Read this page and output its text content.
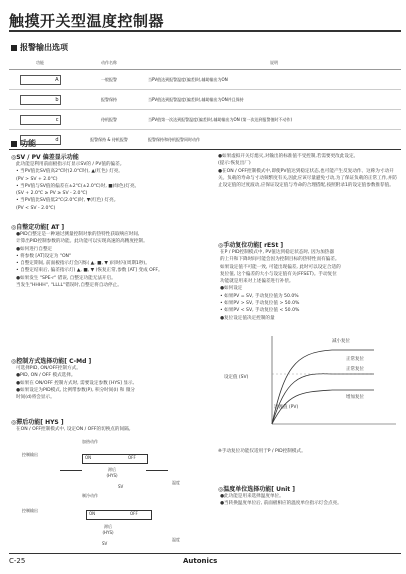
触摸开关型温度控制器
报警输出选项
功能	动作名称	说明
A	一般报警	当PV值达到报警温度(偏差)时,辅助输出为ON
b	报警保持	当PV值达到报警温度(偏差)时,辅助输出为ON并且保持
c	待机报警	当PV值第一次达到报警温度(偏差)时,辅助输出为ON (第一次达到报警值时不动作)
d	报警保持 & 待机报警	报警保持和待机报警同时动作
功能
◎SV / PV 偏差显示功能
此功能是利用前面板指示灯显示SV的 / PV值的偏差。
• 当PV值比SV值高2℃时(2.0℃时), ▲(红色) 灯亮。
(PV > SV + 2.0℃)
• 当PV值与SV值的偏差在±2℃(±2.0℃)时, ■(绿色)灯亮。
(SV + 2.0℃ ≥ PV ≥ SV - 2.0℃)
• 当PV值比SV值低2℃(2.0℃)时, ▼(红色) 灯亮。
(PV < SV - 2.0℃)
●如果虚拟开关灯熄灭,对输出的标准值不受控制,若需要更改此设定。
(提示:恢复出厂)
●在ON / OFF控制模式中,即使PV值达到稳定状态,也可能产生反复动作、这称为寸动开关。负载的寿命与寸动频繁度有关,因此应该尽量避免寸动,为了保证负载的正常工作,并防止设定值的过度波动,应保证设定值与寿命的合理搭配,按照附录1的设定值参数推荐值。
◎自整定功能[ AT ]
●PID自整定是一种通过测量控制对象的热特性获取响应时间,
计算出PID控制参数的功能。此功能可以实现高速的高精度控制。
●如何进行自整定
• 将参数 [AT]设定为 "ON"
• 自整定期间, 前面板指示灯会闪烁( ▲, ■, ▼ )同时闪(周期1秒)。
• 自整定结束后, 偏差指示灯( ▲, ■, ▼ )恢复正常,参数 [AT] 变成 OFF。
●如果发生 "SPE-r" 错误, 自整定功能无法开启。
当发生"HHHH", "LLLL"错误时,自整定将自动停止。
◎手动复位功能[ rESt ]
在P / PID控制模式中, PV值达到稳定状态时, 因为加热器
的上升和下降时间可能会因为控制目标的热特性而有偏差。
如果设定值不可能一致, 可能出现偏差, 此时可以设定合适的
复位值, 这个偏差的大小与设定值有关(FFSET)。手动复位
功能就是用来对上述偏差进行补偿。
●如何设定
• 如果PV = SV, 手动复位值为 50.0%
• 如果PV > SV, 手动复位值 > 50.0%
• 如果PV < SV, 手动复位值 < 50.0%
●复位设定值决定控制的量
减小复位
设定值 (SV)
正常复位
正常复位
增加复位
过渡值 (PV)
※手动复位功能仅适用于P / PID控制模式。
◎控制方式选择功能[ C-Md ]
可选择PID, ON/OFF控制方式。
●PID, ON / OFF 模式选择。
●如果在 ON/OFF 控制方式时, 需要设定参数 [HYS] 显示,
●如果设定为PID模式, 比例带参数(P), 积分时间(I) 和 微分
时间(d)将会显示。
◎滞后功能[ HYS ]
在ON / OFF控制模式中, 设定ON / OFF的切换点的间隔。
加热动作
控制输出
ON	OFF
滞后 (HYS)
SV
温度
制冷动作
控制输出
ON	OFF
滞后 (HYS)
SV
温度
◎温度单位选择功能[ Unit ]
●此功能是用来选择温度单位。
●当转换温度单位后, 前面板相应的温度单位指示灯会点亮。
C-25	Autonics
